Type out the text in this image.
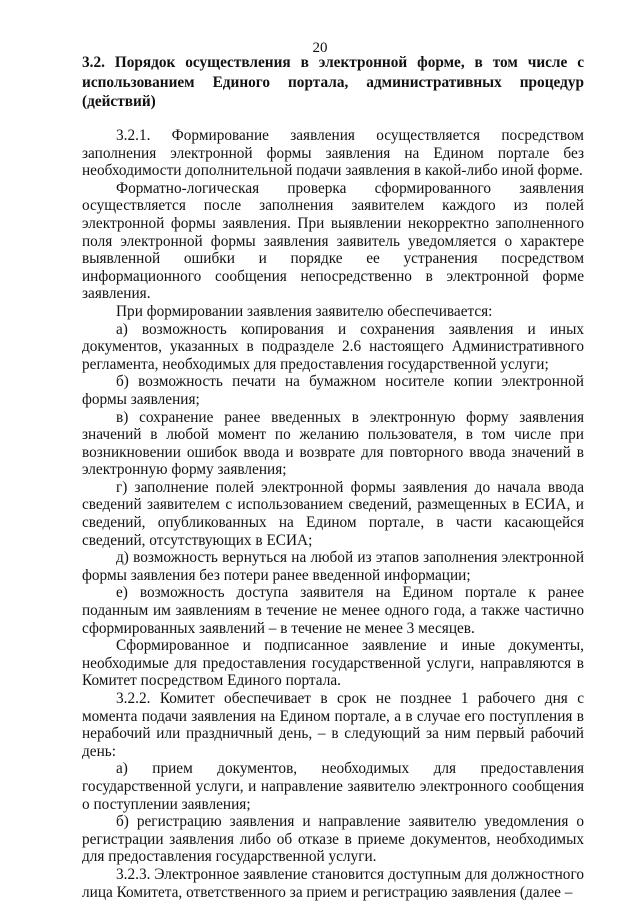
20
3.2. Порядок осуществления в электронной форме, в том числе с использованием Единого портала, административных процедур (действий)

3.2.1. Формирование заявления осуществляется посредством заполнения электронной формы заявления на Едином портале без необходимости дополнительной подачи заявления в какой-либо иной форме.

Форматно-логическая проверка сформированного заявления осуществляется после заполнения заявителем каждого из полей электронной формы заявления. При выявлении некорректно заполненного поля электронной формы заявления заявитель уведомляется о характере выявленной ошибки и порядке ее устранения посредством информационного сообщения непосредственно в электронной форме заявления.

При формировании заявления заявителю обеспечивается:

а) возможность копирования и сохранения заявления и иных документов, указанных в подразделе 2.6 настоящего Административного регламента, необходимых для предоставления государственной услуги;

б) возможность печати на бумажном носителе копии электронной формы заявления;

в) сохранение ранее введенных в электронную форму заявления значений в любой момент по желанию пользователя, в том числе при возникновении ошибок ввода и возврате для повторного ввода значений в электронную форму заявления;

г) заполнение полей электронной формы заявления до начала ввода сведений заявителем с использованием сведений, размещенных в ЕСИА, и сведений, опубликованных на Едином портале, в части касающейся сведений, отсутствующих в ЕСИА;

д) возможность вернуться на любой из этапов заполнения электронной формы заявления без потери ранее введенной информации;

е) возможность доступа заявителя на Едином портале к ранее поданным им заявлениям в течение не менее одного года, а также частично сформированных заявлений – в течение не менее 3 месяцев.

Сформированное и подписанное заявление и иные документы, необходимые для предоставления государственной услуги, направляются в Комитет посредством Единого портала.

3.2.2. Комитет обеспечивает в срок не позднее 1 рабочего дня с момента подачи заявления на Едином портале, а в случае его поступления в нерабочий или праздничный день, – в следующий за ним первый рабочий день:

а) прием документов, необходимых для предоставления государственной услуги, и направление заявителю электронного сообщения о поступлении заявления;

б) регистрацию заявления и направление заявителю уведомления о регистрации заявления либо об отказе в приеме документов, необходимых для предоставления государственной услуги.

3.2.3. Электронное заявление становится доступным для должностного лица Комитета, ответственного за прием и регистрацию заявления (далее –
